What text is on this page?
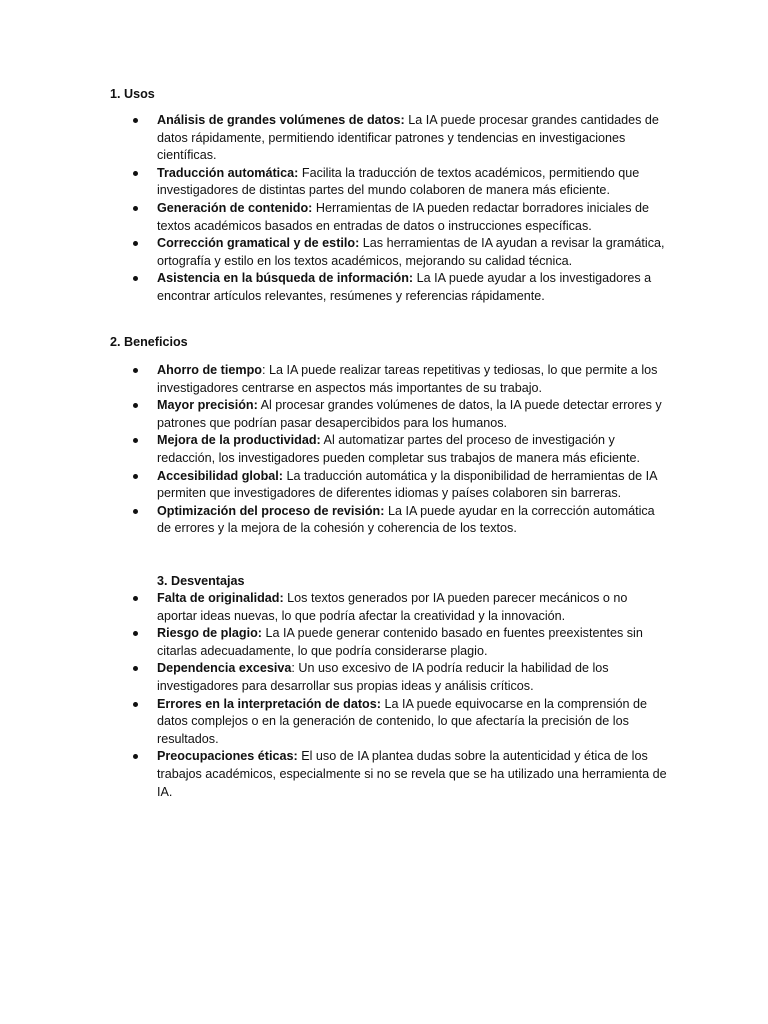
1. Usos
Análisis de grandes volúmenes de datos: La IA puede procesar grandes cantidades de datos rápidamente, permitiendo identificar patrones y tendencias en investigaciones científicas.
Traducción automática: Facilita la traducción de textos académicos, permitiendo que investigadores de distintas partes del mundo colaboren de manera más eficiente.
Generación de contenido: Herramientas de IA pueden redactar borradores iniciales de textos académicos basados en entradas de datos o instrucciones específicas.
Corrección gramatical y de estilo: Las herramientas de IA ayudan a revisar la gramática, ortografía y estilo en los textos académicos, mejorando su calidad técnica.
Asistencia en la búsqueda de información: La IA puede ayudar a los investigadores a encontrar artículos relevantes, resúmenes y referencias rápidamente.
2. Beneficios
Ahorro de tiempo: La IA puede realizar tareas repetitivas y tediosas, lo que permite a los investigadores centrarse en aspectos más importantes de su trabajo.
Mayor precisión: Al procesar grandes volúmenes de datos, la IA puede detectar errores y patrones que podrían pasar desapercibidos para los humanos.
Mejora de la productividad: Al automatizar partes del proceso de investigación y redacción, los investigadores pueden completar sus trabajos de manera más eficiente.
Accesibilidad global: La traducción automática y la disponibilidad de herramientas de IA permiten que investigadores de diferentes idiomas y países colaboren sin barreras.
Optimización del proceso de revisión: La IA puede ayudar en la corrección automática de errores y la mejora de la cohesión y coherencia de los textos.
3. Desventajas
Falta de originalidad: Los textos generados por IA pueden parecer mecánicos o no aportar ideas nuevas, lo que podría afectar la creatividad y la innovación.
Riesgo de plagio: La IA puede generar contenido basado en fuentes preexistentes sin citarlas adecuadamente, lo que podría considerarse plagio.
Dependencia excesiva: Un uso excesivo de IA podría reducir la habilidad de los investigadores para desarrollar sus propias ideas y análisis críticos.
Errores en la interpretación de datos: La IA puede equivocarse en la comprensión de datos complejos o en la generación de contenido, lo que afectaría la precisión de los resultados.
Preocupaciones éticas: El uso de IA plantea dudas sobre la autenticidad y ética de los trabajos académicos, especialmente si no se revela que se ha utilizado una herramienta de IA.
